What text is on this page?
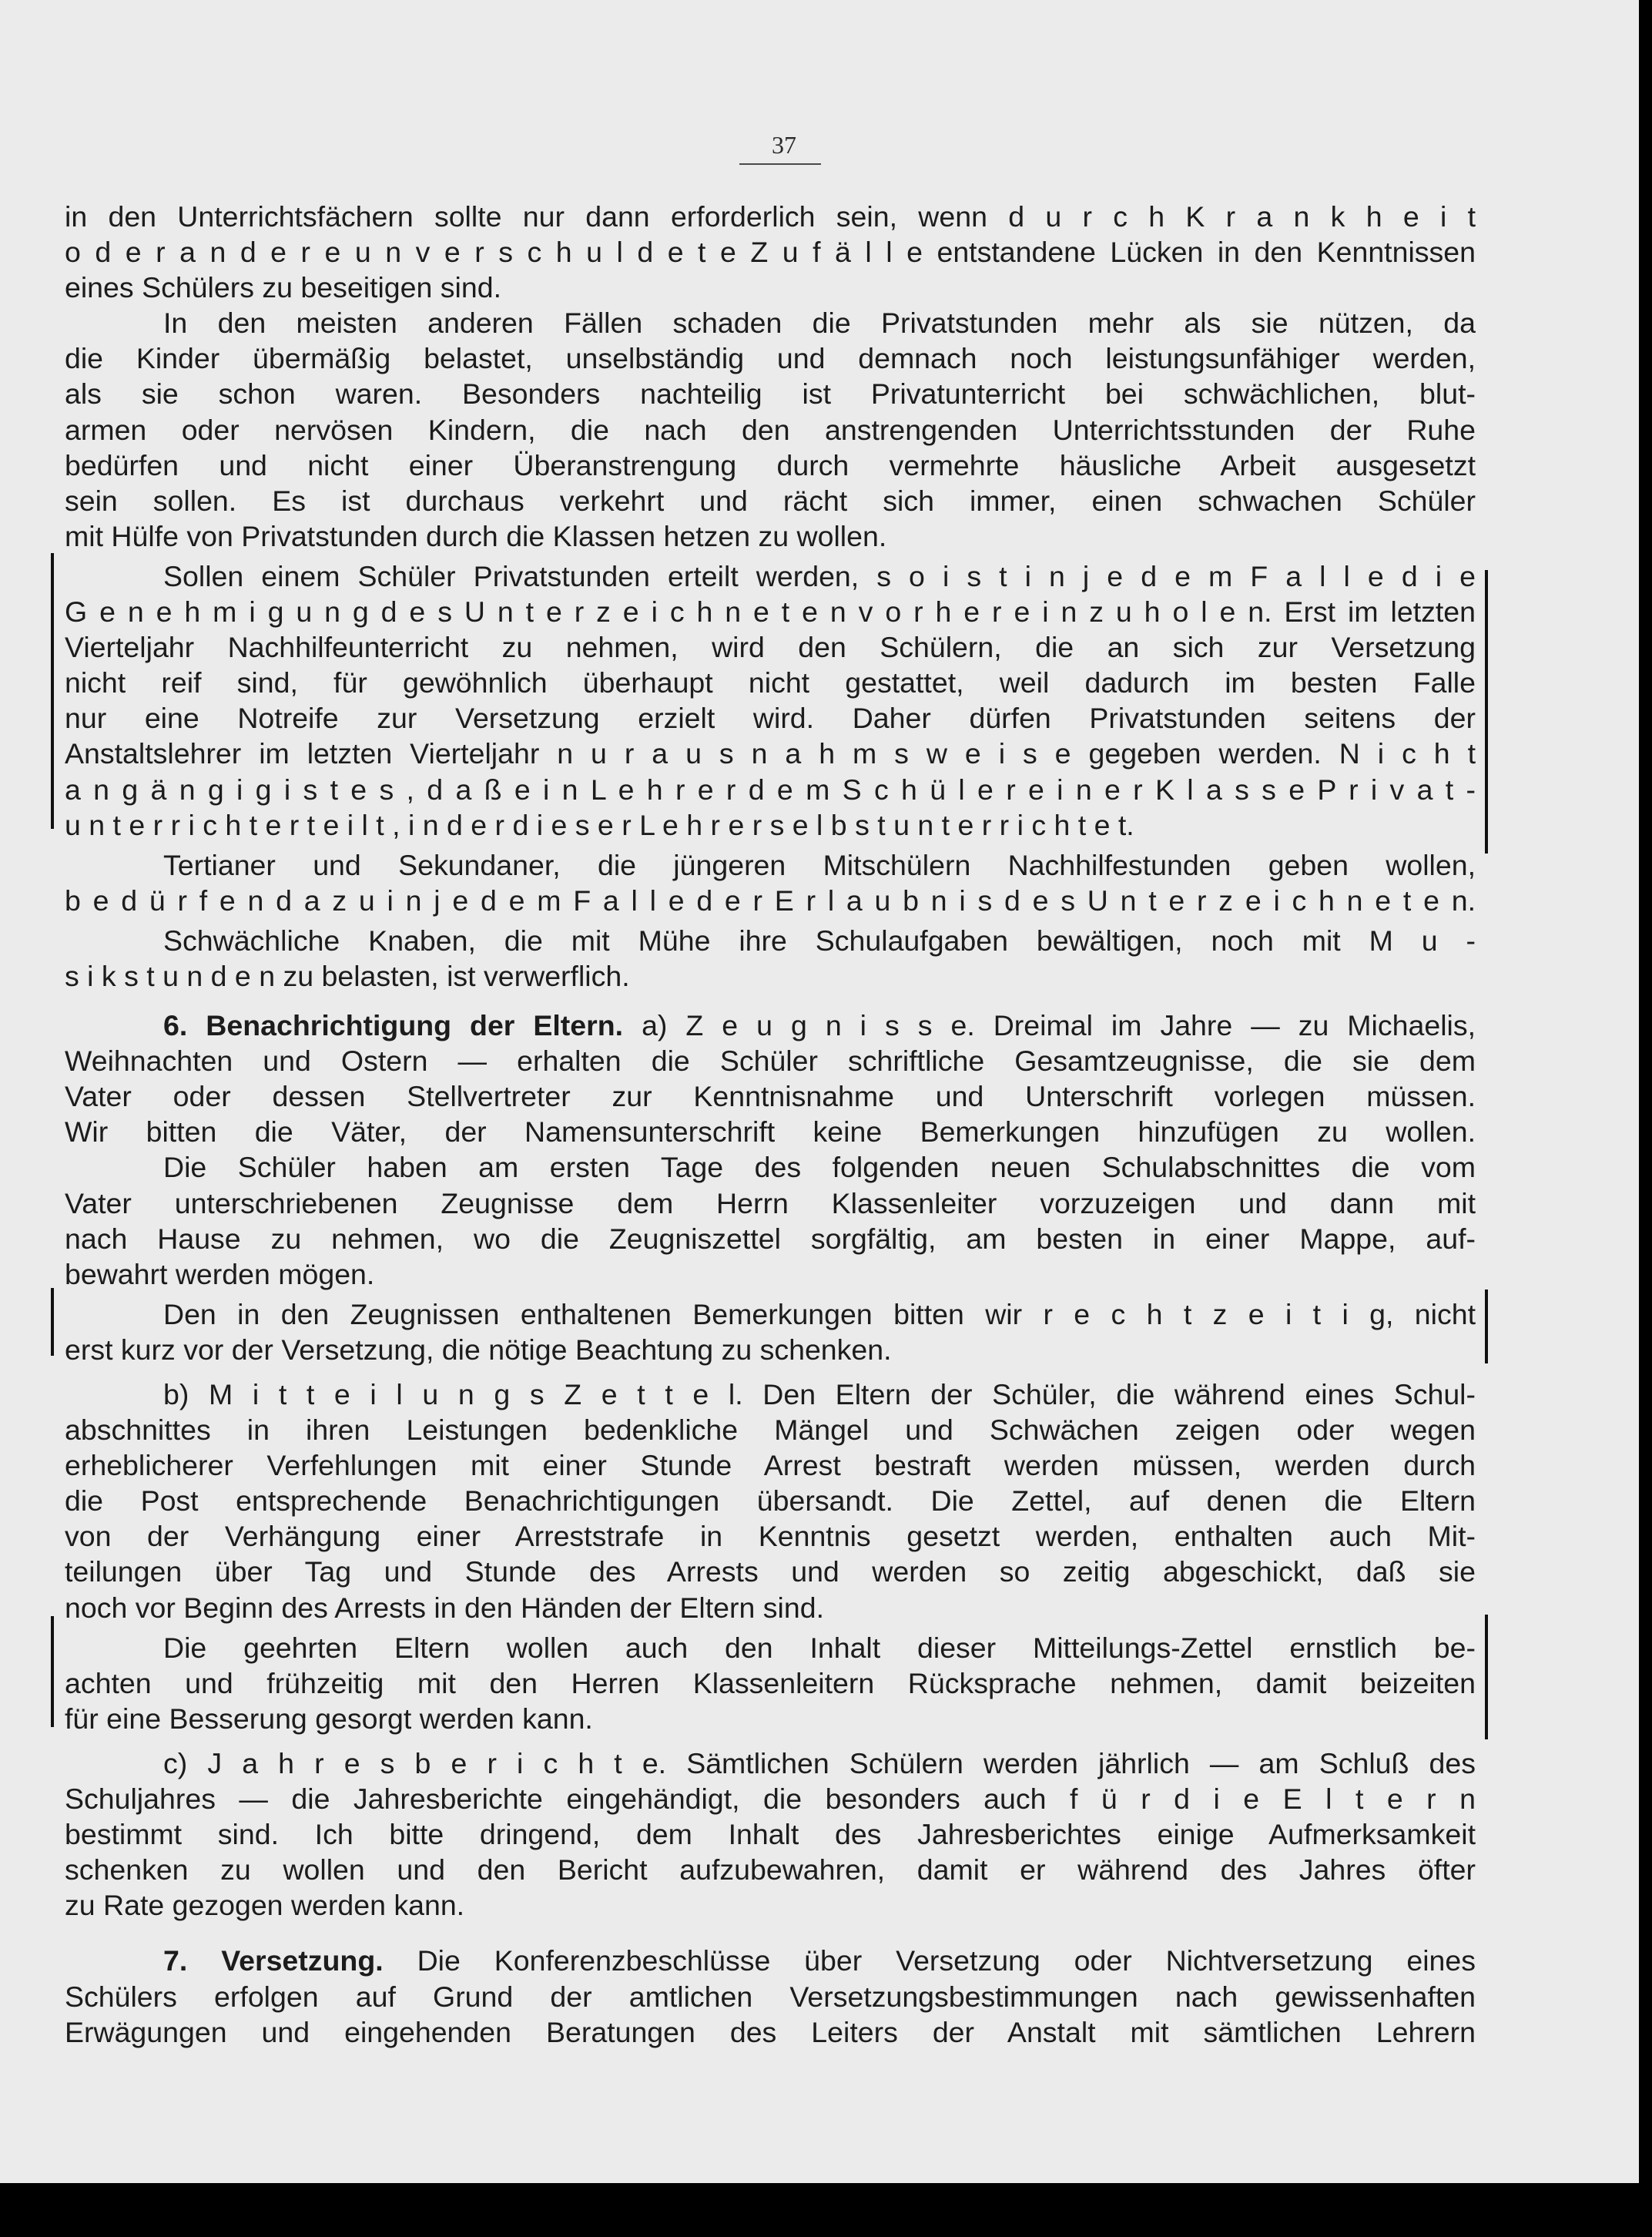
37
in den Unterrichtsfächern sollte nur dann erforderlich sein, wenn d u r c h K r a n k h e i t
o d e r a n d e r e u n v e r s c h u l d e t e Z u f ä l l e entstandene Lücken in den Kenntnissen
eines Schülers zu beseitigen sind.
In den meisten anderen Fällen schaden die Privatstunden mehr als sie nützen, da
die Kinder übermäßig belastet, unselbständig und demnach noch leistungsunfähiger werden,
als sie schon waren. Besonders nachteilig ist Privatunterricht bei schwächlichen, blut-
armen oder nervösen Kindern, die nach den anstrengenden Unterrichtsstunden der Ruhe
bedürfen und nicht einer Überanstrengung durch vermehrte häusliche Arbeit ausgesetzt
sein sollen. Es ist durchaus verkehrt und rächt sich immer, einen schwachen Schüler
mit Hülfe von Privatstunden durch die Klassen hetzen zu wollen.
Sollen einem Schüler Privatstunden erteilt werden, s o i s t i n j e d e m F a l l e d i e
G e n e h m i g u n g d e s U n t e r z e i c h n e t e n v o r h e r e i n z u h o l e n. Erst im letzten
Vierteljahr Nachhilfeunterricht zu nehmen, wird den Schülern, die an sich zur Versetzung
nicht reif sind, für gewöhnlich überhaupt nicht gestattet, weil dadurch im besten Falle
nur eine Notreife zur Versetzung erzielt wird. Daher dürfen Privatstunden seitens der
Anstaltslehrer im letzten Vierteljahr n u r a u s n a h m s w e i s e gegeben werden. N i c h t
a n g ä n g i g i s t e s , d a ß e i n L e h r e r d e m S c h ü l e r e i n e r K l a s s e P r i v a t -
u n t e r r i c h t e r t e i l t , i n d e r d i e s e r L e h r e r s e l b s t u n t e r r i c h t e t.
Tertianer und Sekundaner, die jüngeren Mitschülern Nachhilfestunden geben wollen,
b e d ü r f e n d a z u i n j e d e m F a l l e d e r E r l a u b n i s d e s U n t e r z e i c h n e t e n.
Schwächliche Knaben, die mit Mühe ihre Schulaufgaben bewältigen, noch mit M u -
s i k s t u n d e n zu belasten, ist verwerflich.
6. Benachrichtigung der Eltern. a) Z e u g n i s s e. Dreimal im Jahre — zu Michaelis,
Weihnachten und Ostern — erhalten die Schüler schriftliche Gesamtzeugnisse, die sie dem
Vater oder dessen Stellvertreter zur Kenntnisnahme und Unterschrift vorlegen müssen.
Wir bitten die Väter, der Namensunterschrift keine Bemerkungen hinzufügen zu wollen.
Die Schüler haben am ersten Tage des folgenden neuen Schulabschnittes die vom
Vater unterschriebenen Zeugnisse dem Herrn Klassenleiter vorzuzeigen und dann mit
nach Hause zu nehmen, wo die Zeugniszettel sorgfältig, am besten in einer Mappe, auf-
bewahrt werden mögen.
Den in den Zeugnissen enthaltenen Bemerkungen bitten wir r e c h t z e i t i g, nicht
erst kurz vor der Versetzung, die nötige Beachtung zu schenken.
b) M i t t e i l u n g s Z e t t e l. Den Eltern der Schüler, die während eines Schul-
abschnittes in ihren Leistungen bedenkliche Mängel und Schwächen zeigen oder wegen
erheblicherer Verfehlungen mit einer Stunde Arrest bestraft werden müssen, werden durch
die Post entsprechende Benachrichtigungen übersandt. Die Zettel, auf denen die Eltern
von der Verhängung einer Arreststrafe in Kenntnis gesetzt werden, enthalten auch Mit-
teilungen über Tag und Stunde des Arrests und werden so zeitig abgeschickt, daß sie
noch vor Beginn des Arrests in den Händen der Eltern sind.
Die geehrten Eltern wollen auch den Inhalt dieser Mitteilungs-Zettel ernstlich be-
achten und frühzeitig mit den Herren Klassenleitern Rücksprache nehmen, damit beizeiten
für eine Besserung gesorgt werden kann.
c) J a h r e s b e r i c h t e. Sämtlichen Schülern werden jährlich — am Schluß des
Schuljahres — die Jahresberichte eingehändigt, die besonders auch f ü r d i e E l t e r n
bestimmt sind. Ich bitte dringend, dem Inhalt des Jahresberichtes einige Aufmerksamkeit
schenken zu wollen und den Bericht aufzubewahren, damit er während des Jahres öfter
zu Rate gezogen werden kann.
7. Versetzung. Die Konferenzbeschlüsse über Versetzung oder Nichtversetzung eines
Schülers erfolgen auf Grund der amtlichen Versetzungsbestimmungen nach gewissenhaften
Erwägungen und eingehenden Beratungen des Leiters der Anstalt mit sämtlichen Lehrern
